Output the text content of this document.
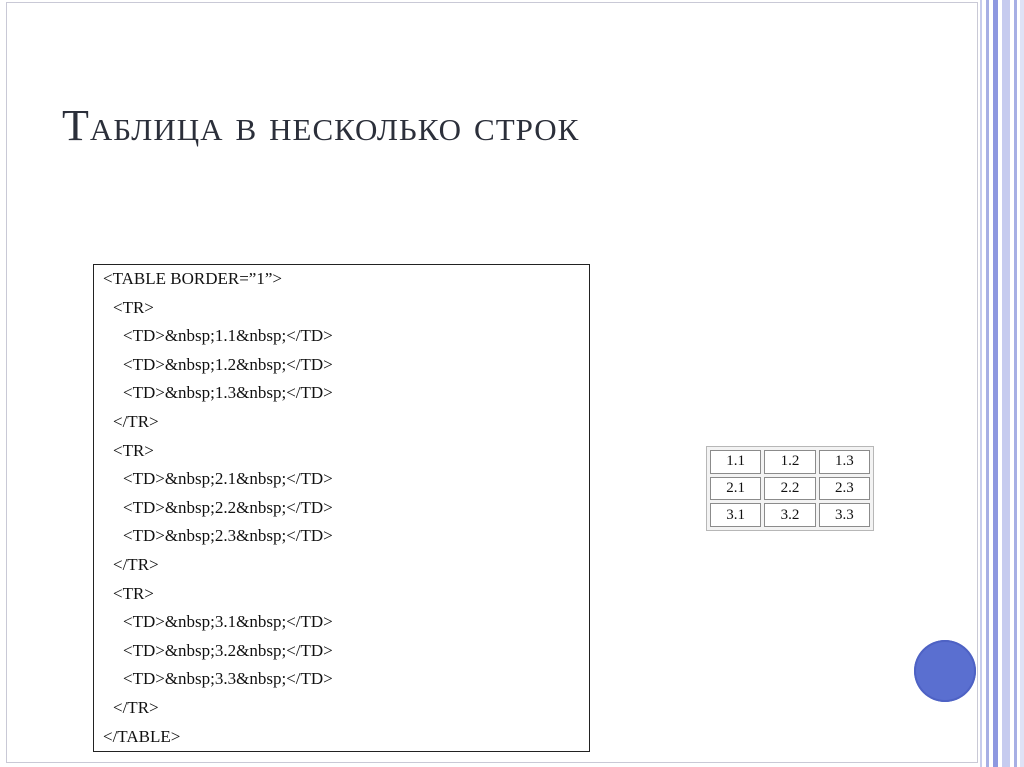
Таблица в несколько строк
<TABLE BORDER=”1”>
<TR>
<TD>&nbsp;1.1&nbsp;</TD>
<TD>&nbsp;1.2&nbsp;</TD>
<TD>&nbsp;1.3&nbsp;</TD>
</TR>
<TR>
<TD>&nbsp;2.1&nbsp;</TD>
<TD>&nbsp;2.2&nbsp;</TD>
<TD>&nbsp;2.3&nbsp;</TD>
</TR>
<TR>
<TD>&nbsp;3.1&nbsp;</TD>
<TD>&nbsp;3.2&nbsp;</TD>
<TD>&nbsp;3.3&nbsp;</TD>
</TR>
</TABLE>
1.1	1.2	1.3
2.1	2.2	2.3
3.1	3.2	3.3
